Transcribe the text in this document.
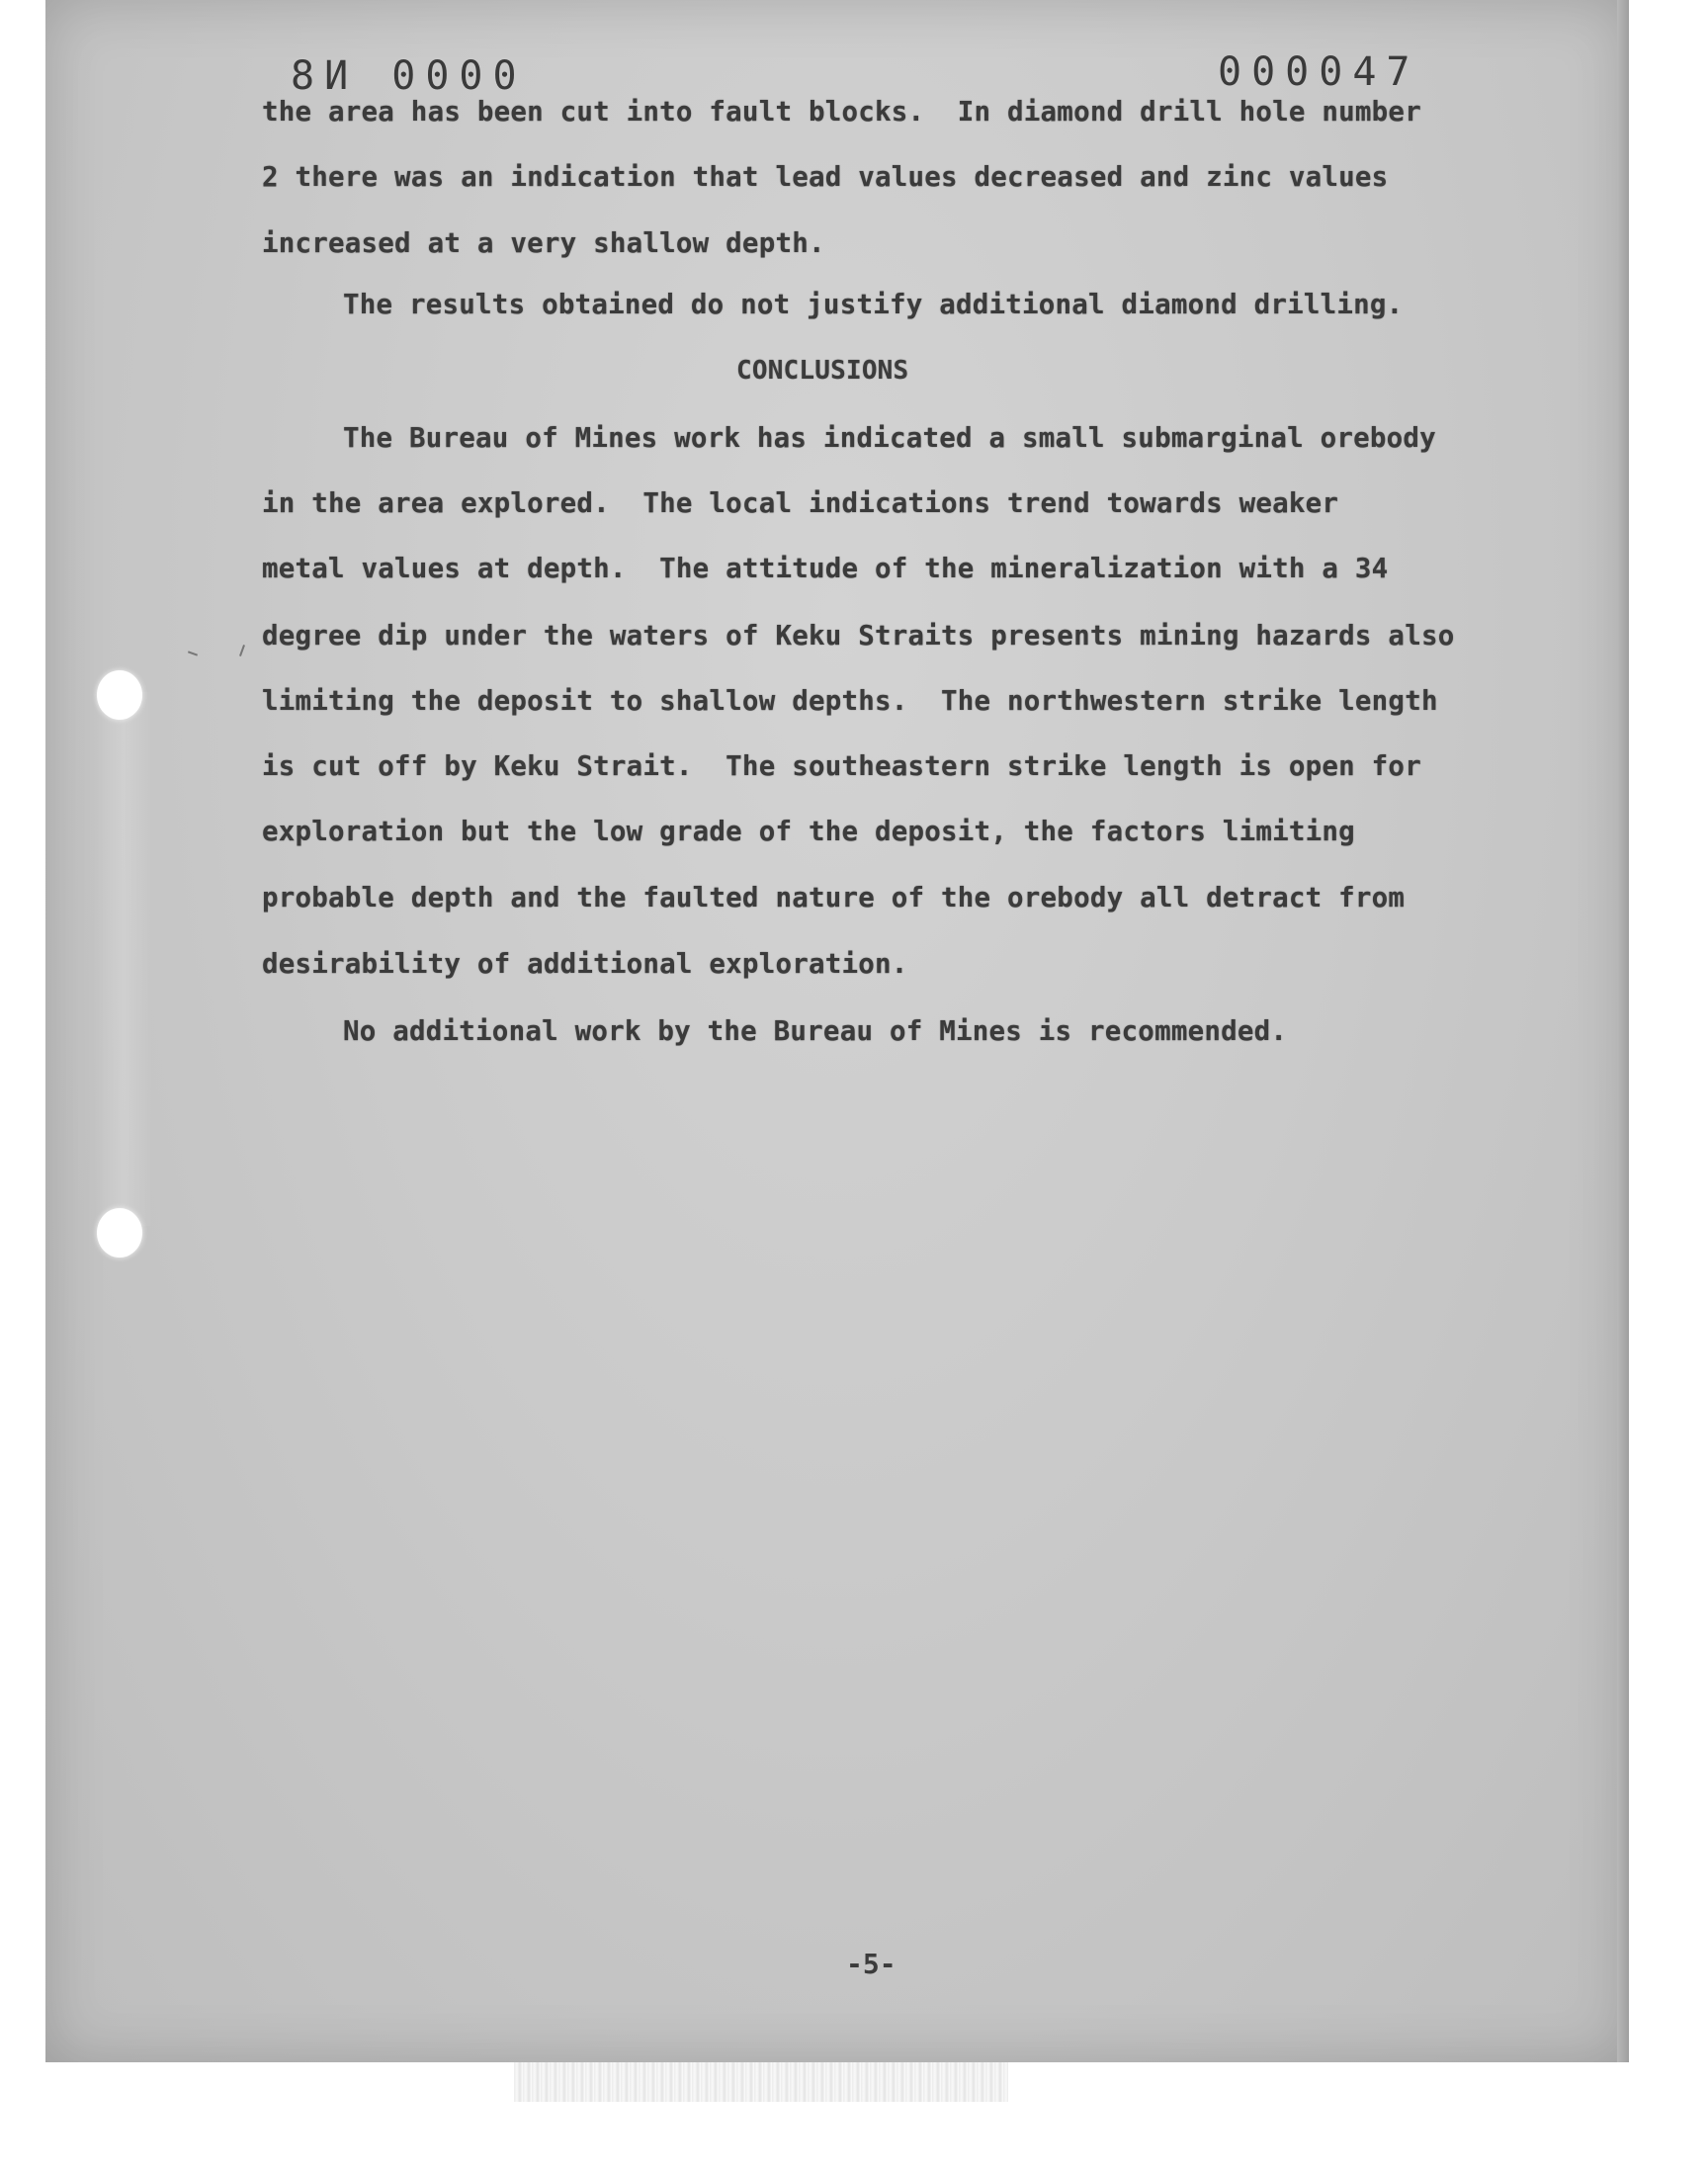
8И 0000	000047
the area has been cut into fault blocks.  In diamond drill hole number
2 there was an indication that lead values decreased and zinc values
increased at a very shallow depth.
The results obtained do not justify additional diamond drilling.
CONCLUSIONS
The Bureau of Mines work has indicated a small submarginal orebody
in the area explored.  The local indications trend towards weaker
metal values at depth.  The attitude of the mineralization with a 34
degree dip under the waters of Keku Straits presents mining hazards also
limiting the deposit to shallow depths.  The northwestern strike length
is cut off by Keku Strait.  The southeastern strike length is open for
exploration but the low grade of the deposit, the factors limiting
probable depth and the faulted nature of the orebody all detract from
desirability of additional exploration.
No additional work by the Bureau of Mines is recommended.
-5-
